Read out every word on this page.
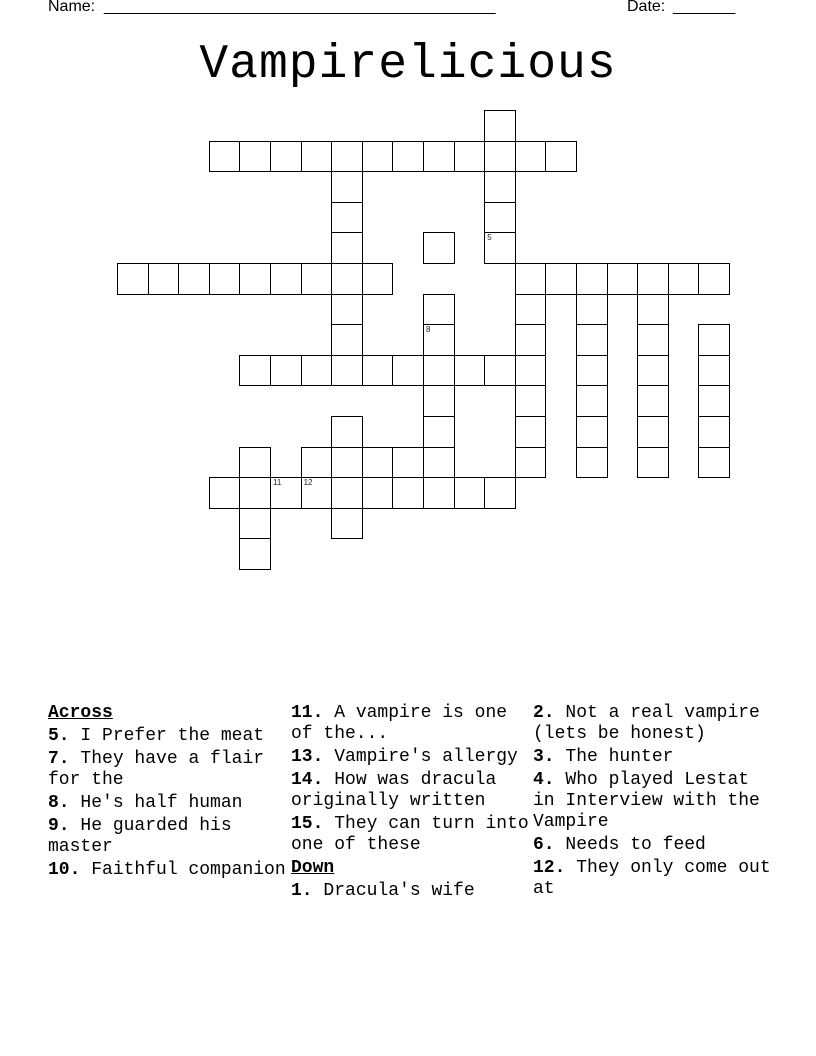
Name: ____________________________________________	Date: _______
Vampirelicious
11	12
8
5
Across
5. I Prefer the meat
7. They have a flair for the
8. He's half human
9. He guarded his master
10. Faithful companion
11. A vampire is one of the...
13. Vampire's allergy
14. How was dracula originally written
15. They can turn into one of these
Down
1. Dracula's wife
2. Not a real vampire (lets be honest)
3. The hunter
4. Who played Lestat in Interview with the Vampire
6. Needs to feed
12. They only come out at
